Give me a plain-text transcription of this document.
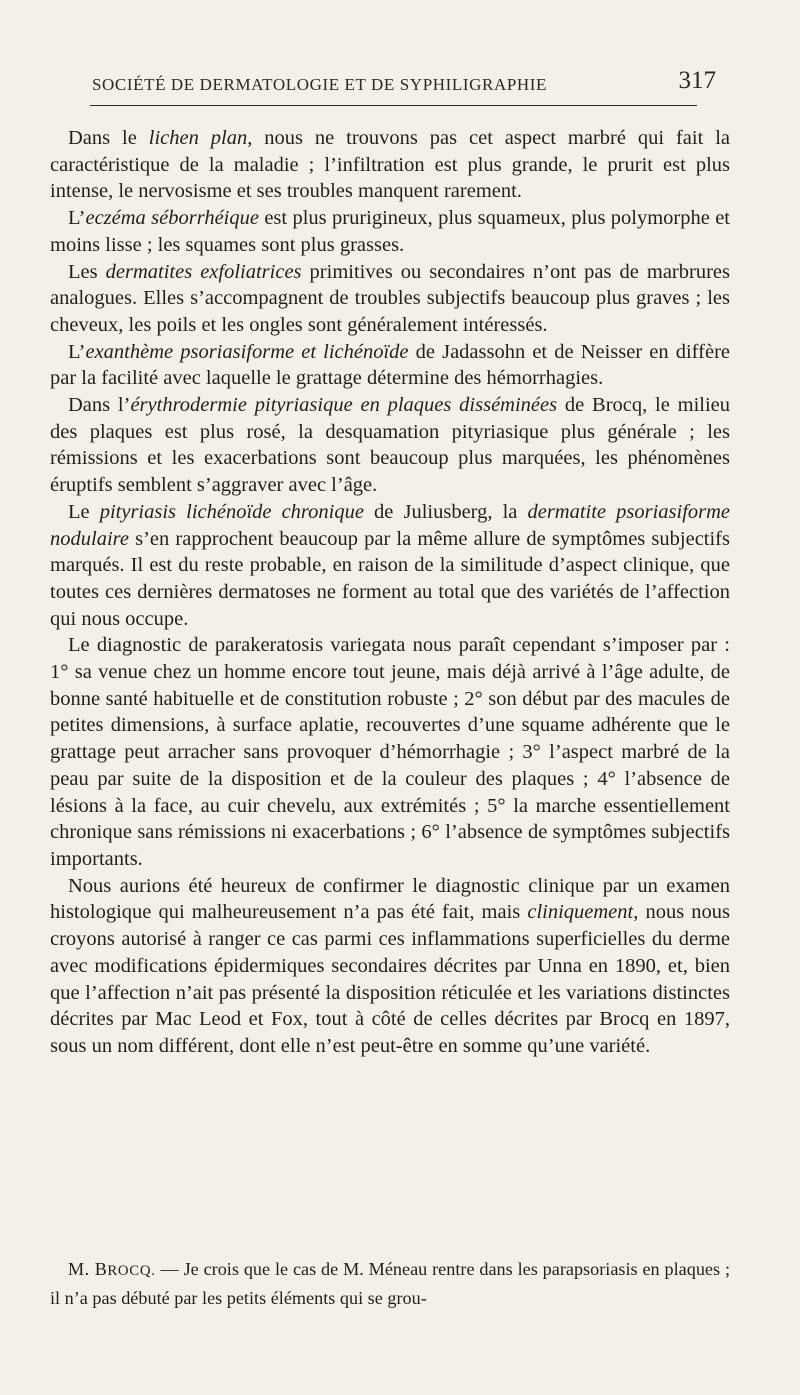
SOCIÉTÉ DE DERMATOLOGIE ET DE SYPHILIGRAPHIE	317

Dans le lichen plan, nous ne trouvons pas cet aspect marbré qui fait la caractéristique de la maladie ; l’infiltration est plus grande, le prurit est plus intense, le nervosisme et ses troubles manquent rarement.

L’eczéma séborrhéique est plus prurigineux, plus squameux, plus polymorphe et moins lisse ; les squames sont plus grasses.

Les dermatites exfoliatrices primitives ou secondaires n’ont pas de marbrures analogues. Elles s’accompagnent de troubles subjectifs beaucoup plus graves ; les cheveux, les poils et les ongles sont généralement intéressés.

L’exanthème psoriasiforme et lichénoïde de Jadassohn et de Neisser en diffère par la facilité avec laquelle le grattage détermine des hémorrhagies.

Dans l’érythrodermie pityriasique en plaques disséminées de Brocq, le milieu des plaques est plus rosé, la desquamation pityriasique plus générale ; les rémissions et les exacerbations sont beaucoup plus marquées, les phénomènes éruptifs semblent s’aggraver avec l’âge.

Le pityriasis lichénoïde chronique de Juliusberg, la dermatite psoriasiforme nodulaire s’en rapprochent beaucoup par la même allure de symptômes subjectifs marqués. Il est du reste probable, en raison de la similitude d’aspect clinique, que toutes ces dernières dermatoses ne forment au total que des variétés de l’affection qui nous occupe.

Le diagnostic de parakeratosis variegata nous paraît cependant s’imposer par : 1° sa venue chez un homme encore tout jeune, mais déjà arrivé à l’âge adulte, de bonne santé habituelle et de constitution robuste ; 2° son début par des macules de petites dimensions, à surface aplatie, recouvertes d’une squame adhérente que le grattage peut arracher sans provoquer d’hémorrhagie ; 3° l’aspect marbré de la peau par suite de la disposition et de la couleur des plaques ; 4° l’absence de lésions à la face, au cuir chevelu, aux extrémités ; 5° la marche essentiellement chronique sans rémissions ni exacerbations ; 6° l’absence de symptômes subjectifs importants.

Nous aurions été heureux de confirmer le diagnostic clinique par un examen histologique qui malheureusement n’a pas été fait, mais cliniquement, nous nous croyons autorisé à ranger ce cas parmi ces inflammations superficielles du derme avec modifications épidermiques secondaires décrites par Unna en 1890, et, bien que l’affection n’ait pas présenté la disposition réticulée et les variations distinctes décrites par Mac Leod et Fox, tout à côté de celles décrites par Brocq en 1897, sous un nom différent, dont elle n’est peut-être en somme qu’une variété.

M. BROCQ. — Je crois que le cas de M. Méneau rentre dans les parapsoriasis en plaques ; il n’a pas débuté par les petits éléments qui se grou-
